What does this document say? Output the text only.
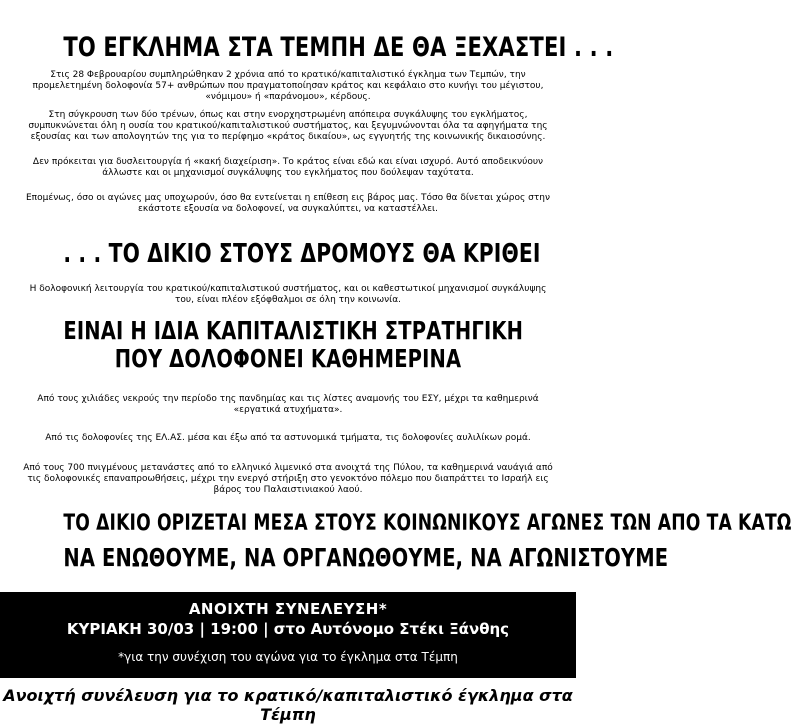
ΤΟ ΕΓΚΛΗΜΑ ΣΤΑ ΤΕΜΠΗ ΔΕ ΘΑ ΞΕΧΑΣΤΕΙ . . .

Στις 28 Φεβρουαρίου συμπληρώθηκαν 2 χρόνια από το κρατικό/καπιταλιστικό έγκλημα των Τεμπών, την προμελετημένη δολοφονία 57+ ανθρώπων που πραγματοποίησαν κράτος και κεφάλαιο στο κυνήγι του μέγιστου, «νόμιμου» ή «παράνομου», κέρδους.

Στη σύγκρουση των δύο τρένων, όπως και στην ενορχηστρωμένη απόπειρα συγκάλυψης του εγκλήματος, συμπυκνώνεται όλη η ουσία του κρατικού/καπιταλιστικού συστήματος, και ξεγυμνώνονται όλα τα αφηγήματα της εξουσίας και των απολογητών της για το περίφημο «κράτος δικαίου», ως εγγυητής της κοινωνικής δικαιοσύνης.

Δεν πρόκειται για δυσλειτουργία ή «κακή διαχείριση». Το κράτος είναι εδώ και είναι ισχυρό. Αυτό αποδεικνύουν άλλωστε και οι μηχανισμοί συγκάλυψης του εγκλήματος που δούλεψαν ταχύτατα.

Επομένως, όσο οι αγώνες μας υποχωρούν, όσο θα εντείνεται η επίθεση εις βάρος μας. Τόσο θα δίνεται χώρος στην εκάστοτε εξουσία να δολοφονεί, να συγκαλύπτει, να καταστέλλει.

. . . ΤΟ ΔΙΚΙΟ ΣΤΟΥΣ ΔΡΟΜΟΥΣ ΘΑ ΚΡΙΘΕΙ

Η δολοφονική λειτουργία του κρατικού/καπιταλιστικού συστήματος, και οι καθεστωτικοί μηχανισμοί συγκάλυψης του, είναι πλέον εξόφθαλμοι σε όλη την κοινωνία.

ΕΙΝΑΙ Η ΙΔΙΑ ΚΑΠΙΤΑΛΙΣΤΙΚΗ ΣΤΡΑΤΗΓΙΚΗ
ΠΟΥ ΔΟΛΟΦΟΝΕΙ ΚΑΘΗΜΕΡΙΝΑ

Από τους χιλιάδες νεκρούς την περίοδο της πανδημίας και τις λίστες αναμονής του ΕΣΥ, μέχρι τα καθημερινά «εργατικά ατυχήματα».

Από τις δολοφονίες της ΕΛ.ΑΣ. μέσα και έξω από τα αστυνομικά τμήματα, τις δολοφονίες αυλιλίκων ρομά.

Από τους 700 πνιγμένους μετανάστες από το ελληνικό λιμενικό στα ανοιχτά της Πύλου, τα καθημερινά ναυάγιά από τις δολοφονικές επαναπροωθήσεις, μέχρι την ενεργό στήριξη στο γενοκτόνο πόλεμο που διαπράττει το Ισραήλ εις βάρος του Παλαιστινιακού λαού.

ΤΟ ΔΙΚΙΟ ΟΡΙΖΕΤΑΙ ΜΕΣΑ ΣΤΟΥΣ ΚΟΙΝΩΝΙΚΟΥΣ ΑΓΩΝΕΣ ΤΩΝ ΑΠΟ ΤΑ ΚΑΤΩ
ΝΑ ΕΝΩΘΟΥΜΕ, ΝΑ ΟΡΓΑΝΩΘΟΥΜΕ, ΝΑ ΑΓΩΝΙΣΤΟΥΜΕ
ΑΝΟΙΧΤΗ ΣΥΝΕΛΕΥΣΗ*
ΚΥΡΙΑΚΗ 30/03 | 19:00 | στο Αυτόνομο Στέκι Ξάνθης
*για την συνέχιση του αγώνα για το έγκλημα στα Τέμπη
Ανοιχτή συνέλευση για το κρατικό/καπιταλιστικό έγκλημα στα Τέμπη
